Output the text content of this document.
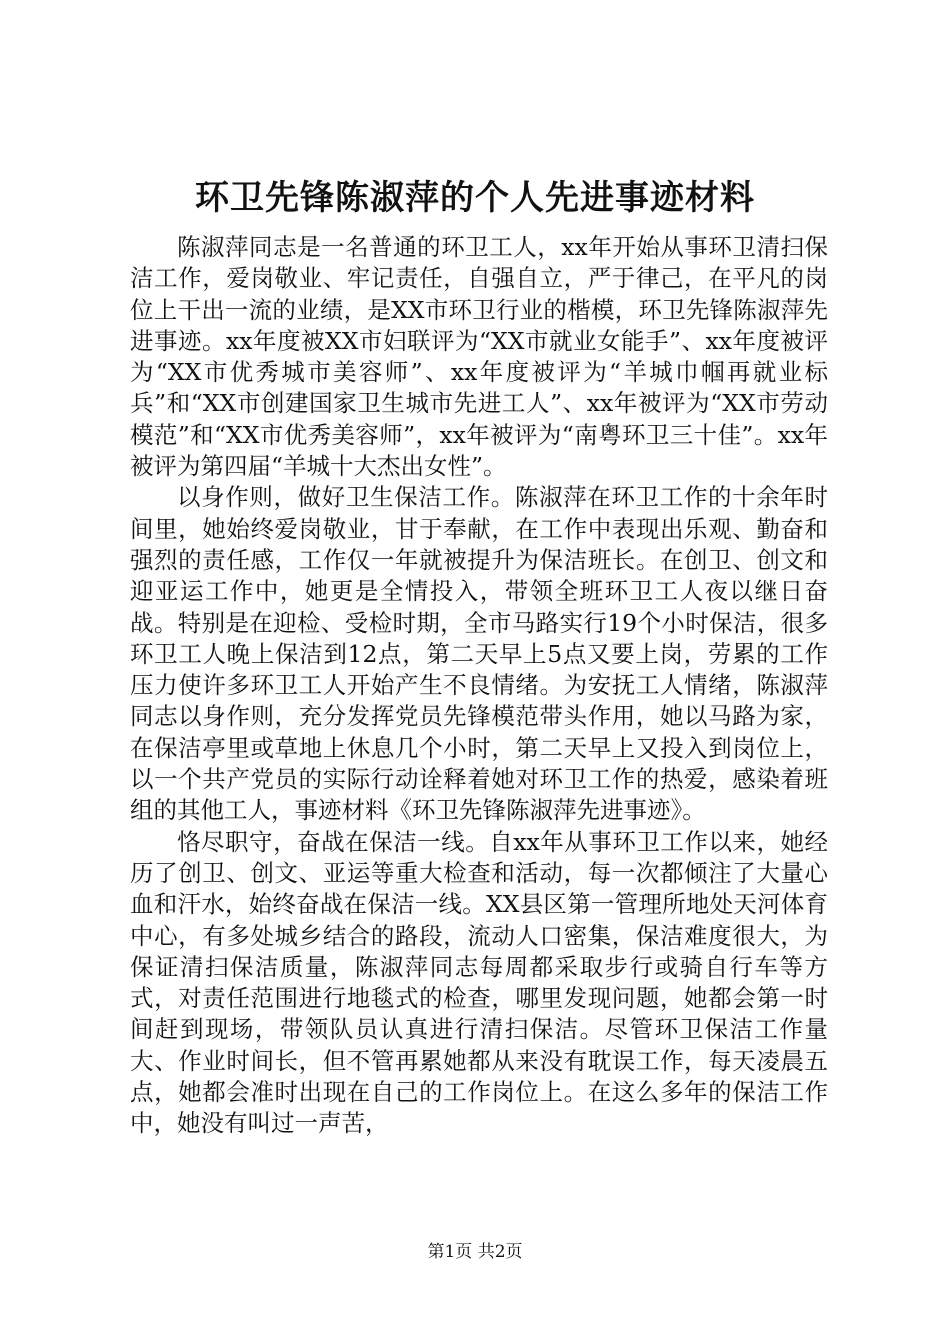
环卫先锋陈淑萍的个人先进事迹材料

陈淑萍同志是一名普通的环卫工人，xx年开始从事环卫清扫保洁工作，爱岗敬业、牢记责任，自强自立，严于律己，在平凡的岗位上干出一流的业绩，是XX市环卫行业的楷模，环卫先锋陈淑萍先进事迹。xx年度被XX市妇联评为“XX市就业女能手”、xx年度被评为“XX市优秀城市美容师”、xx年度被评为“羊城巾帼再就业标兵”和“XX市创建国家卫生城市先进工人”、xx年被评为“XX市劳动模范”和“XX市优秀美容师”，xx年被评为“南粤环卫三十佳”。xx年被评为第四届“羊城十大杰出女性”。

以身作则，做好卫生保洁工作。陈淑萍在环卫工作的十余年时间里，她始终爱岗敬业，甘于奉献，在工作中表现出乐观、勤奋和强烈的责任感，工作仅一年就被提升为保洁班长。在创卫、创文和迎亚运工作中，她更是全情投入，带领全班环卫工人夜以继日奋战。特别是在迎检、受检时期，全市马路实行19个小时保洁，很多环卫工人晚上保洁到12点，第二天早上5点又要上岗，劳累的工作压力使许多环卫工人开始产生不良情绪。为安抚工人情绪，陈淑萍同志以身作则，充分发挥党员先锋模范带头作用，她以马路为家，在保洁亭里或草地上休息几个小时，第二天早上又投入到岗位上，以一个共产党员的实际行动诠释着她对环卫工作的热爱，感染着班组的其他工人，事迹材料《环卫先锋陈淑萍先进事迹》。

恪尽职守，奋战在保洁一线。自xx年从事环卫工作以来，她经历了创卫、创文、亚运等重大检查和活动，每一次都倾注了大量心血和汗水，始终奋战在保洁一线。XX县区第一管理所地处天河体育中心，有多处城乡结合的路段，流动人口密集，保洁难度很大，为保证清扫保洁质量，陈淑萍同志每周都采取步行或骑自行车等方式，对责任范围进行地毯式的检查，哪里发现问题，她都会第一时间赶到现场，带领队员认真进行清扫保洁。尽管环卫保洁工作量大、作业时间长，但不管再累她都从来没有耽误工作，每天凌晨五点，她都会准时出现在自己的工作岗位上。在这么多年的保洁工作中，她没有叫过一声苦，

第1页 共2页
